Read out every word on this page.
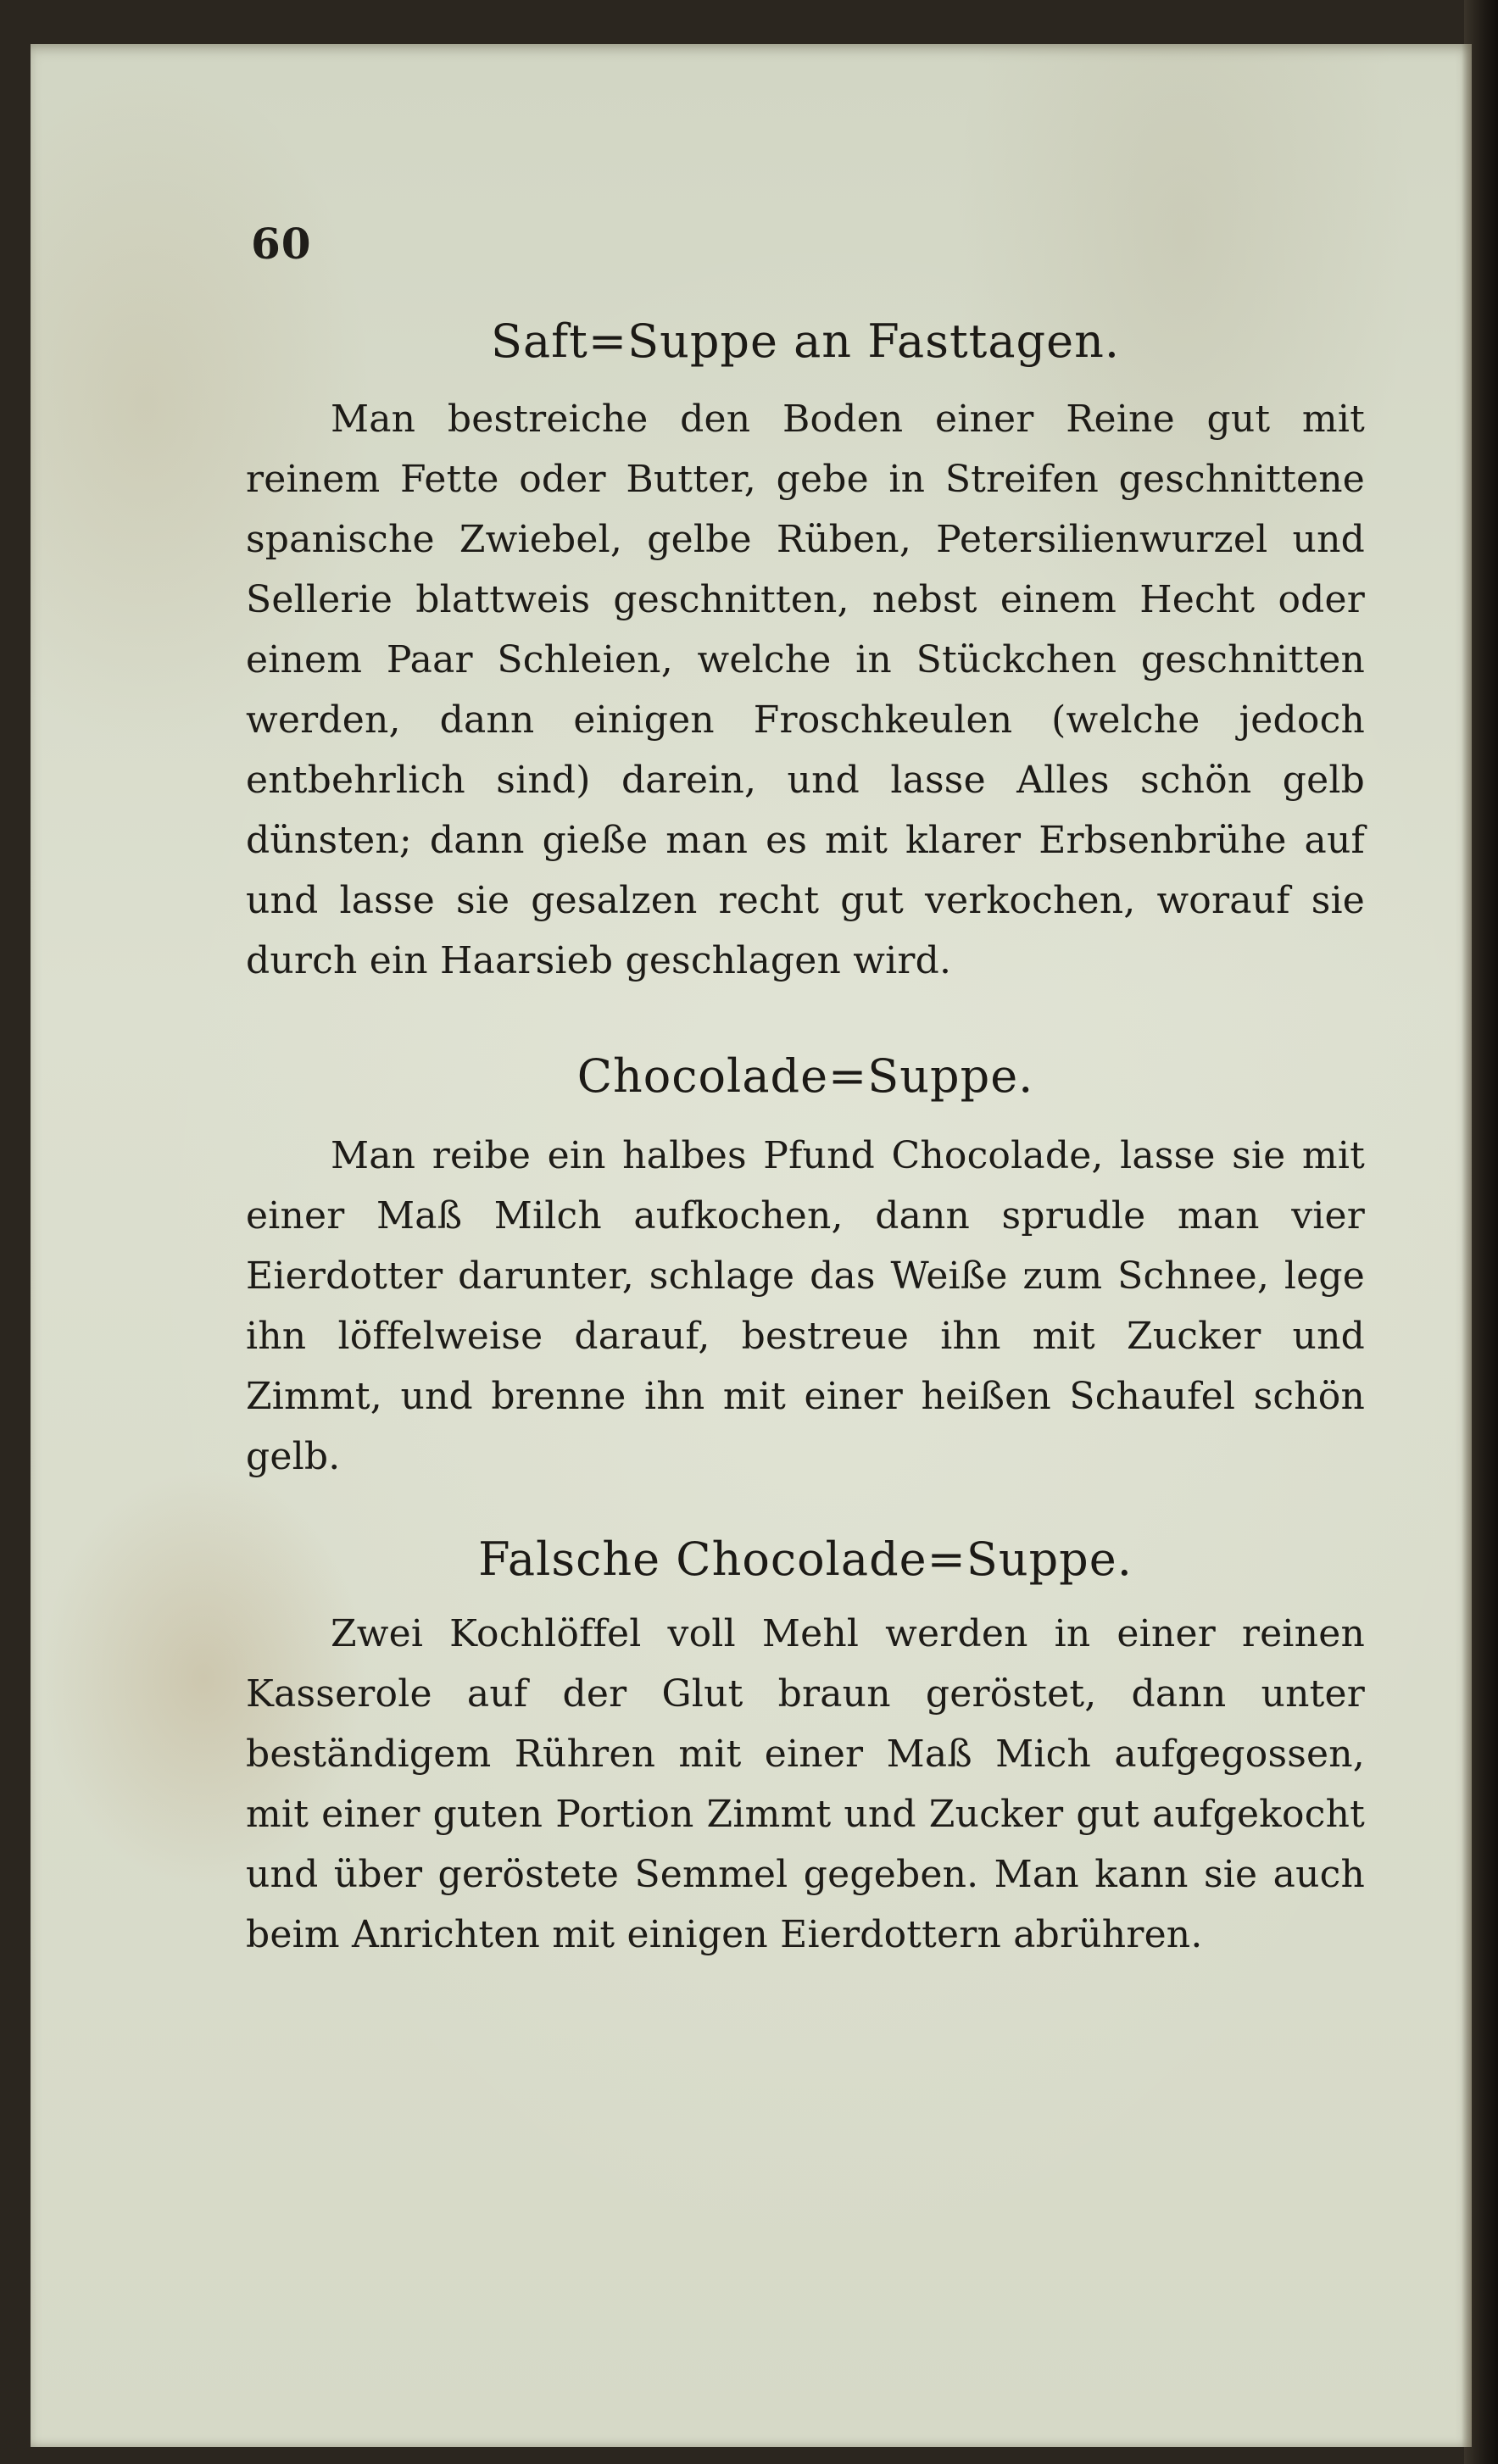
60
Saft=Suppe an Fasttagen.

Man bestreiche den Boden einer Reine gut mit reinem Fette oder Butter, gebe in Streifen geschnittene spanische Zwiebel, gelbe Rüben, Petersilienwurzel und Sellerie blattweis geschnitten, nebst einem Hecht oder einem Paar Schleien, welche in Stückchen geschnitten werden, dann einigen Froschkeulen (welche jedoch entbehrlich sind) darein, und lasse Alles schön gelb dünsten; dann gieße man es mit klarer Erbsenbrühe auf und lasse sie gesalzen recht gut verkochen, worauf sie durch ein Haarsieb geschlagen wird.

Chocolade=Suppe.

Man reibe ein halbes Pfund Chocolade, lasse sie mit einer Maß Milch aufkochen, dann sprudle man vier Eierdotter darunter, schlage das Weiße zum Schnee, lege ihn löffelweise darauf, bestreue ihn mit Zucker und Zimmt, und brenne ihn mit einer heißen Schaufel schön gelb.

Falsche Chocolade=Suppe.

Zwei Kochlöffel voll Mehl werden in einer reinen Kasserole auf der Glut braun geröstet, dann unter beständigem Rühren mit einer Maß Mich aufgegossen, mit einer guten Portion Zimmt und Zucker gut aufgekocht und über geröstete Semmel gegeben. Man kann sie auch beim Anrichten mit einigen Eierdottern abrühren.
